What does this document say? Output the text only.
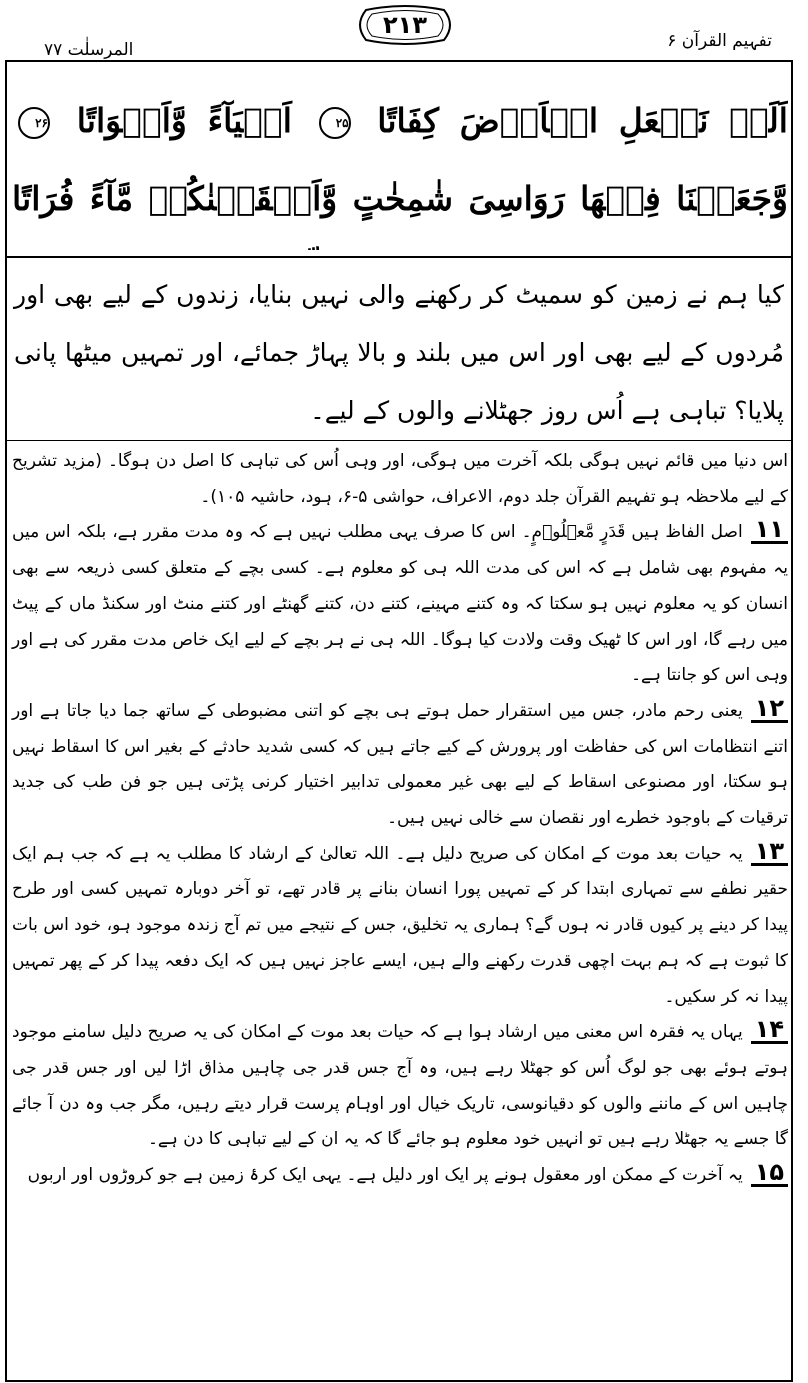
تفہیم القرآن ۶
۲۱۳
المرسلٰت ۷۷
اَلَمۡ نَجۡعَلِ الۡاَرۡضَ كِفَاتًا ۲۵ اَحۡيَآءً وَّاَمۡوَاتًا ۲۶ وَّجَعَلۡنَا فِيۡهَا رَوَاسِىَ شٰمِخٰتٍ وَّاَسۡقَيۡنٰكُمۡ مَّآءً فُرَاتًا
کیا ہم نے زمین کو سمیٹ کر رکھنے والی نہیں بنایا، زندوں کے لیے بھی اور مُردوں کے لیے بھی اور اس میں بلند و بالا پہاڑ جمائے، اور تمہیں میٹھا پانی پلایا؟ تباہی ہے اُس روز جھٹلانے والوں کے لیے۔

اس دنیا میں قائم نہیں ہوگی بلکہ آخرت میں ہوگی، اور وہی اُس کی تباہی کا اصل دن ہوگا۔ (مزید تشریح کے لیے ملاحظہ ہو تفہیم القرآن جلد دوم، الاعراف، حواشی ۵-۶، ہود، حاشیہ ۱۰۵)۔

۱۱اصل الفاظ ہیں قَدَرٍ مَّعۡلُوۡمٍ۔ اس کا صرف یہی مطلب نہیں ہے کہ وہ مدت مقرر ہے، بلکہ اس میں یہ مفہوم بھی شامل ہے کہ اس کی مدت اللہ ہی کو معلوم ہے۔ کسی بچے کے متعلق کسی ذریعہ سے بھی انسان کو یہ معلوم نہیں ہو سکتا کہ وہ کتنے مہینے، کتنے دن، کتنے گھنٹے اور کتنے منٹ اور سکنڈ ماں کے پیٹ میں رہے گا، اور اس کا ٹھیک وقت ولادت کیا ہوگا۔ اللہ ہی نے ہر بچے کے لیے ایک خاص مدت مقرر کی ہے اور وہی اس کو جانتا ہے۔

۱۲یعنی رحم مادر، جس میں استقرار حمل ہوتے ہی بچے کو اتنی مضبوطی کے ساتھ جما دیا جاتا ہے اور اتنے انتظامات اس کی حفاظت اور پرورش کے کیے جاتے ہیں کہ کسی شدید حادثے کے بغیر اس کا اسقاط نہیں ہو سکتا، اور مصنوعی اسقاط کے لیے بھی غیر معمولی تدابیر اختیار کرنی پڑتی ہیں جو فن طب کی جدید ترقیات کے باوجود خطرے اور نقصان سے خالی نہیں ہیں۔

۱۳یہ حیات بعد موت کے امکان کی صریح دلیل ہے۔ اللہ تعالیٰ کے ارشاد کا مطلب یہ ہے کہ جب ہم ایک حقیر نطفے سے تمہاری ابتدا کر کے تمہیں پورا انسان بنانے پر قادر تھے، تو آخر دوبارہ تمہیں کسی اور طرح پیدا کر دینے پر کیوں قادر نہ ہوں گے؟ ہماری یہ تخلیق، جس کے نتیجے میں تم آج زندہ موجود ہو، خود اس بات کا ثبوت ہے کہ ہم بہت اچھی قدرت رکھنے والے ہیں، ایسے عاجز نہیں ہیں کہ ایک دفعہ پیدا کر کے پھر تمہیں پیدا نہ کر سکیں۔

۱۴یہاں یہ فقرہ اس معنی میں ارشاد ہوا ہے کہ حیات بعد موت کے امکان کی یہ صریح دلیل سامنے موجود ہوتے ہوئے بھی جو لوگ اُس کو جھٹلا رہے ہیں، وہ آج جس قدر جی چاہیں مذاق اڑا لیں اور جس قدر جی چاہیں اس کے ماننے والوں کو دقیانوسی، تاریک خیال اور اوہام پرست قرار دیتے رہیں، مگر جب وہ دن آ جائے گا جسے یہ جھٹلا رہے ہیں تو انہیں خود معلوم ہو جائے گا کہ یہ ان کے لیے تباہی کا دن ہے۔

۱۵یہ آخرت کے ممکن اور معقول ہونے پر ایک اور دلیل ہے۔ یہی ایک کرۂ زمین ہے جو کروڑوں اور اربوں
